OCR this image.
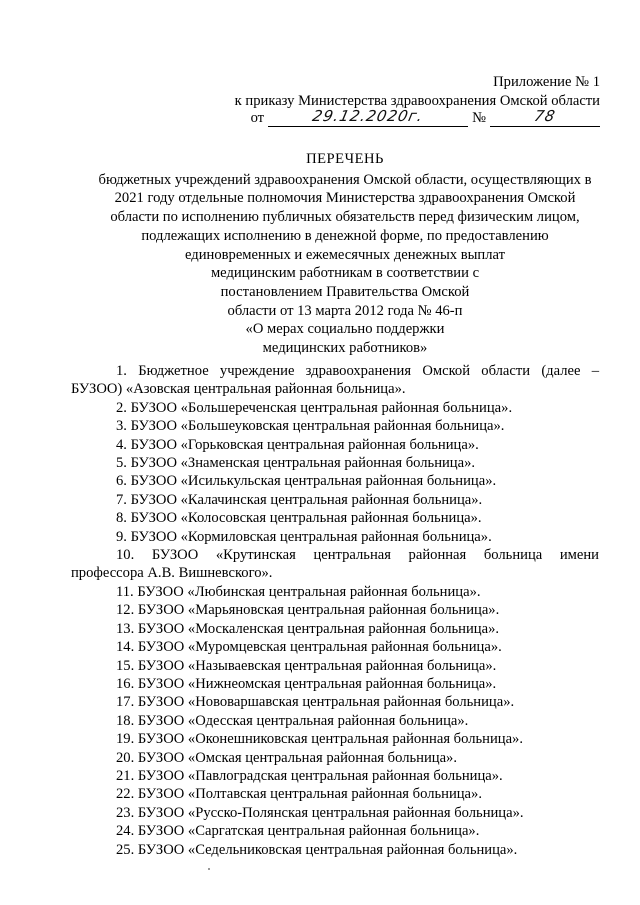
Приложение № 1
к приказу Министерства здравоохранения Омской области
от	29.12.2020г.	№	78
ПЕРЕЧЕНЬ
бюджетных учреждений здравоохранения Омской области, осуществляющих в
2021 году отдельные полномочия Министерства здравоохранения Омской
области по исполнению публичных обязательств перед физическим лицом,
подлежащих исполнению в денежной форме, по предоставлению
единовременных и ежемесячных денежных выплат
медицинским работникам в соответствии с
постановлением Правительства Омской
области от 13 марта 2012 года № 46-п
«О мерах социально поддержки
медицинских работников»
1. Бюджетное учреждение здравоохранения Омской области (далее – БУЗОО) «Азовская центральная районная больница».
2. БУЗОО «Большереченская центральная районная больница».
3. БУЗОО «Большеуковская центральная районная больница».
4. БУЗОО «Горьковская центральная районная больница».
5. БУЗОО «Знаменская центральная районная больница».
6. БУЗОО «Исилькульская центральная районная больница».
7. БУЗОО «Калачинская центральная районная больница».
8. БУЗОО «Колосовская центральная районная больница».
9. БУЗОО «Кормиловская центральная районная больница».
10. БУЗОО «Крутинская центральная районная больница имени
профессора А.В. Вишневского».
11. БУЗОО «Любинская центральная районная больница».
12. БУЗОО «Марьяновская центральная районная больница».
13. БУЗОО «Москаленская центральная районная больница».
14. БУЗОО «Муромцевская центральная районная больница».
15. БУЗОО «Называевская центральная районная больница».
16. БУЗОО «Нижнеомская центральная районная больница».
17. БУЗОО «Нововаршавская центральная районная больница».
18. БУЗОО «Одесская центральная районная больница».
19. БУЗОО «Оконешниковская центральная районная больница».
20. БУЗОО «Омская центральная районная больница».
21. БУЗОО «Павлоградская центральная районная больница».
22. БУЗОО «Полтавская центральная районная больница».
23. БУЗОО «Русско-Полянская центральная районная больница».
24. БУЗОО «Саргатская центральная районная больница».
25. БУЗОО «Седельниковская центральная районная больница».
